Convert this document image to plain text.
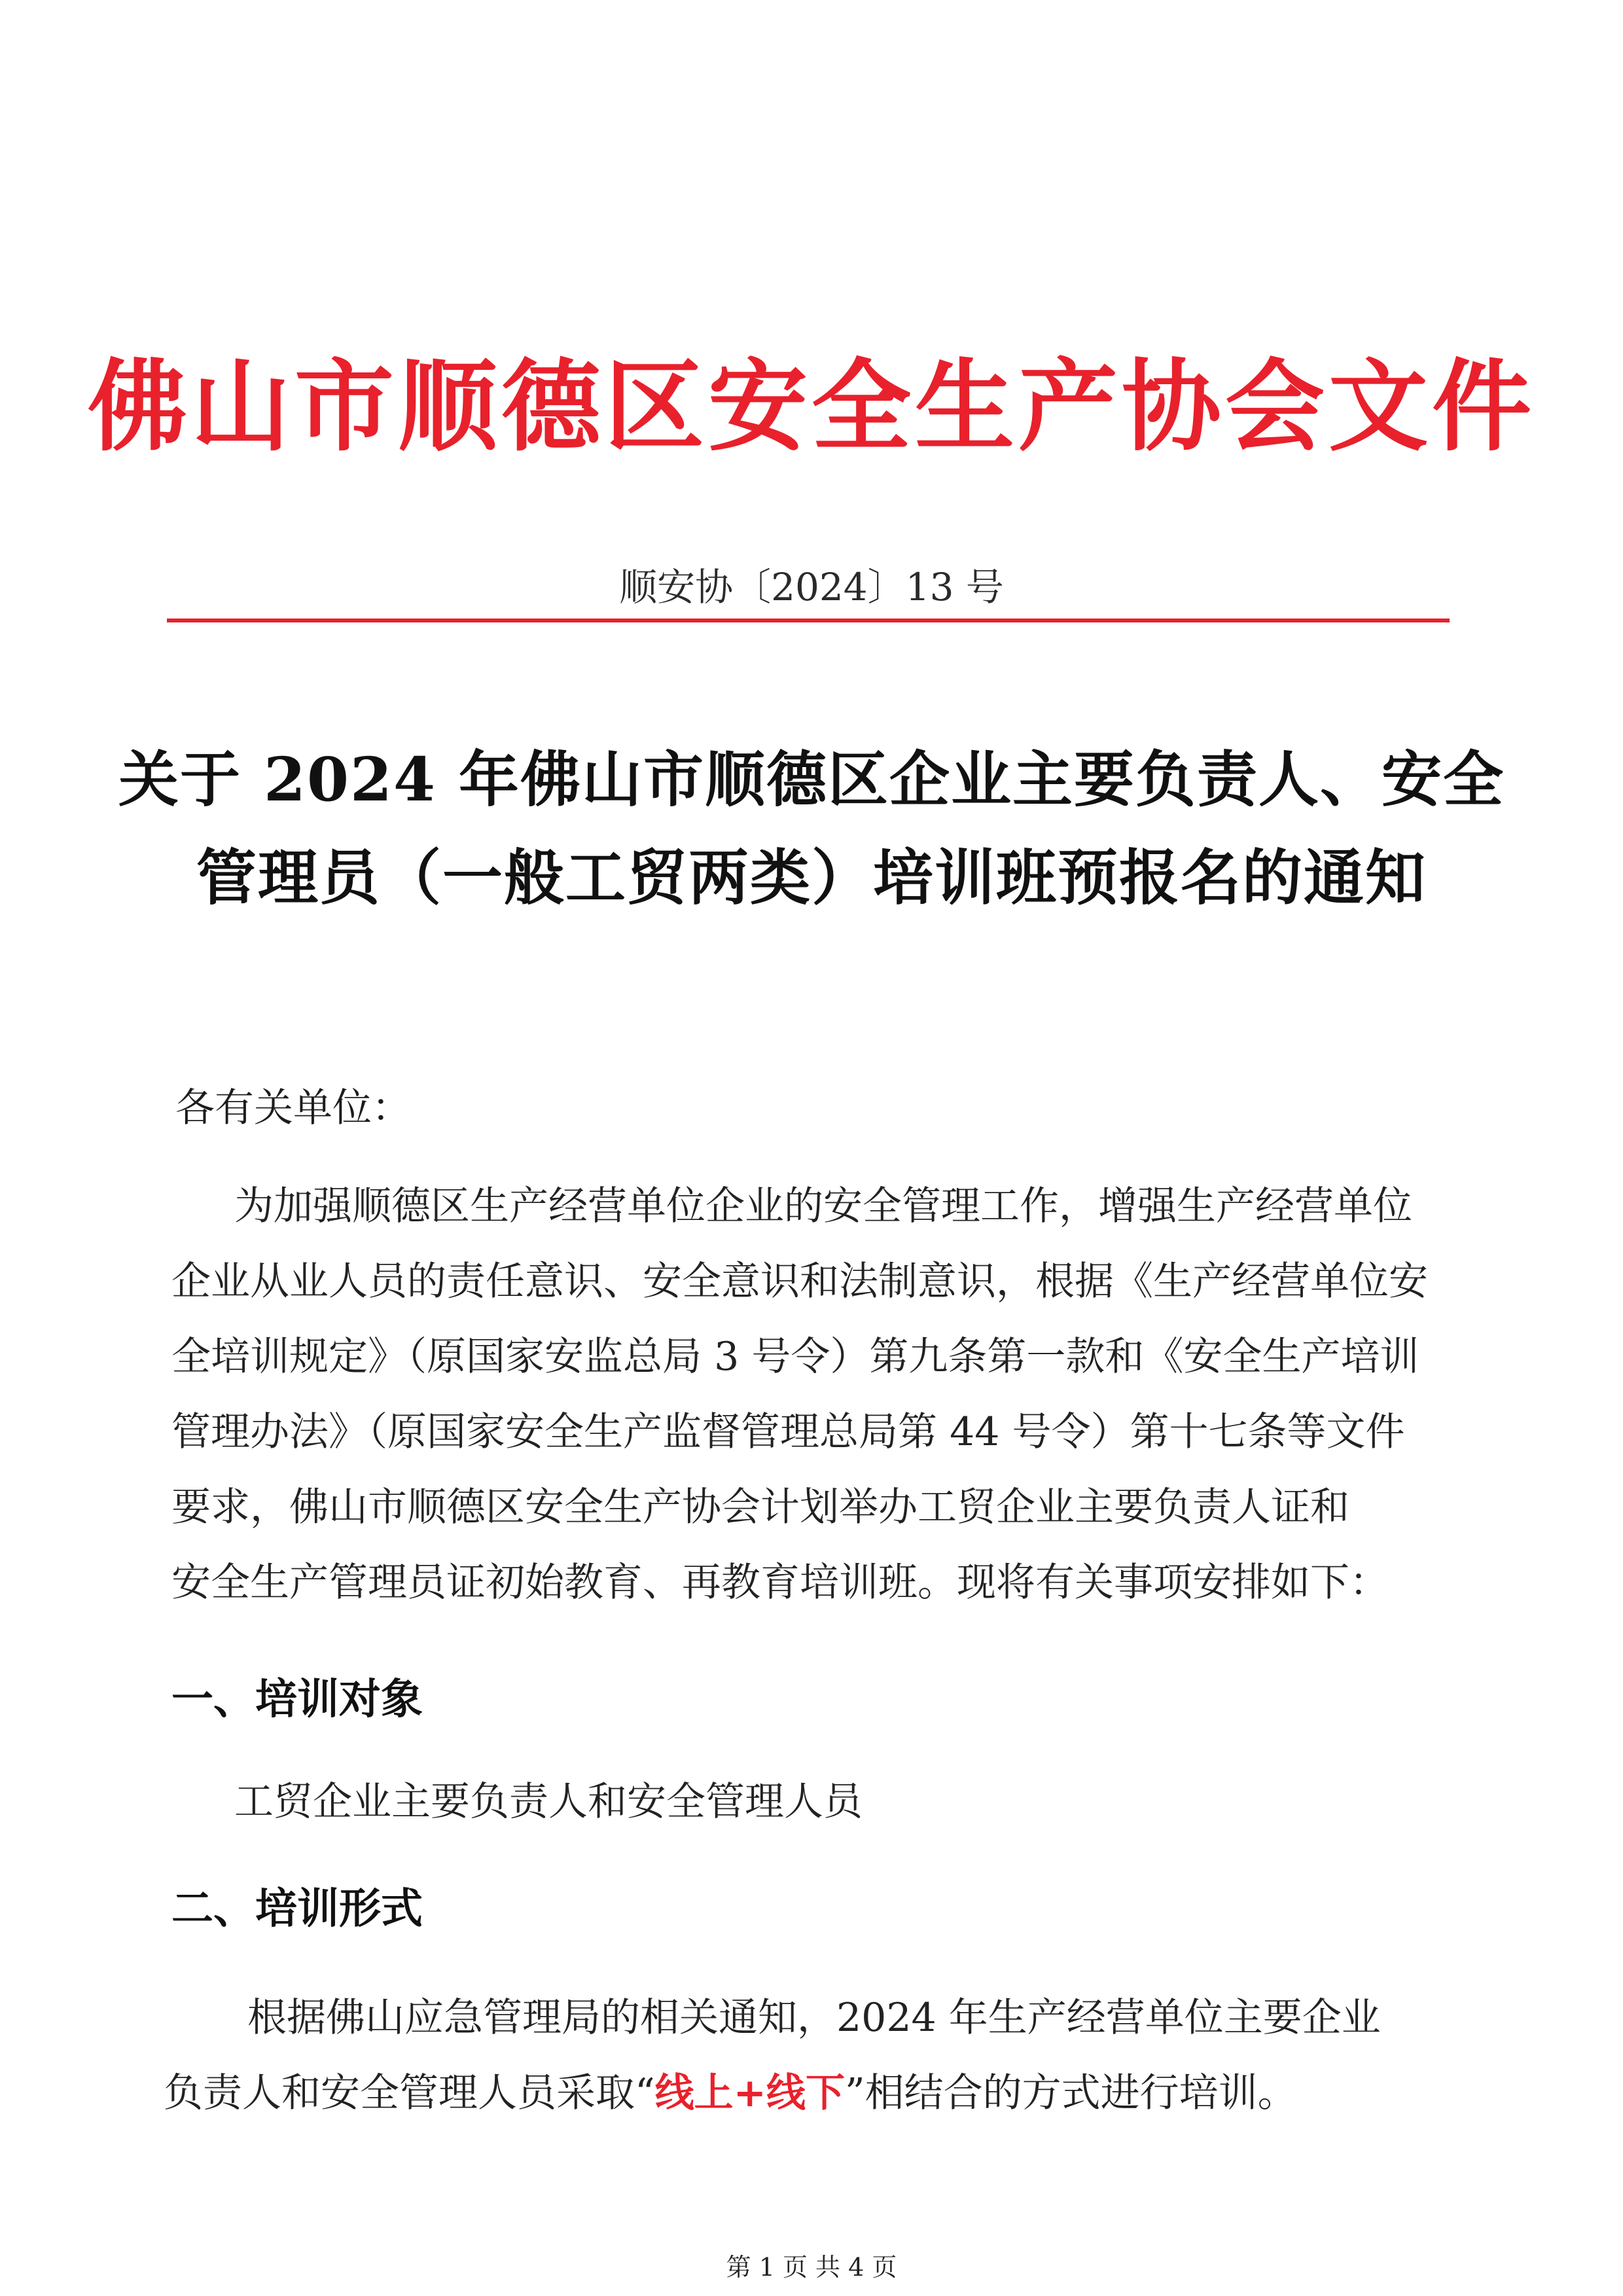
佛山市顺德区安全生产协会文件
顺安协〔2024〕13 号
关于 2024 年佛山市顺德区企业主要负责人、安全
管理员（一般工贸两类）培训班预报名的通知
各有关单位：
为加强顺德区生产经营单位企业的安全管理工作，增强生产经营单位
企业从业人员的责任意识、安全意识和法制意识，根据《生产经营单位安
全培训规定》（原国家安监总局 3 号令）第九条第一款和《安全生产培训
管理办法》（原国家安全生产监督管理总局第 44 号令）第十七条等文件
要求，佛山市顺德区安全生产协会计划举办工贸企业主要负责人证和
安全生产管理员证初始教育、再教育培训班。现将有关事项安排如下：
一、培训对象
工贸企业主要负责人和安全管理人员
二、培训形式
根据佛山应急管理局的相关通知，2024 年生产经营单位主要企业
负责人和安全管理人员采取“线上+线下”相结合的方式进行培训。
第 1 页 共 4 页
